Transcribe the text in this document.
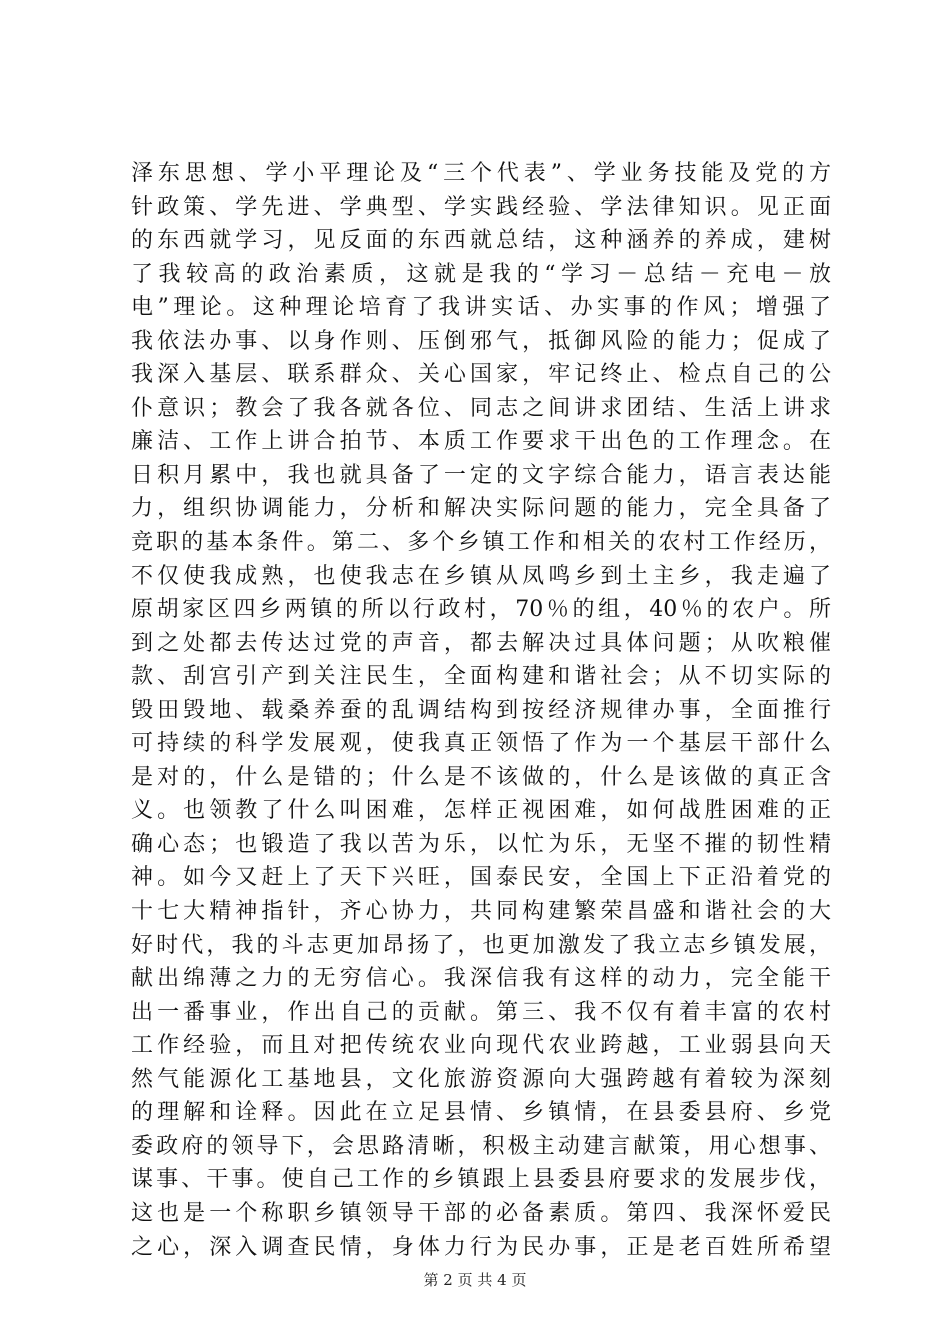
泽东思想、学小平理论及“三个代表”、学业务技能及党的方
针政策、学先进、学典型、学实践经验、学法律知识。见正面
的东西就学习，见反面的东西就总结，这种涵养的养成，建树
了我较高的政治素质，这就是我的“学习－总结－充电－放
电”理论。这种理论培育了我讲实话、办实事的作风；增强了
我依法办事、以身作则、压倒邪气，抵御风险的能力；促成了
我深入基层、联系群众、关心国家，牢记终止、检点自己的公
仆意识；教会了我各就各位、同志之间讲求团结、生活上讲求
廉洁、工作上讲合拍节、本质工作要求干出色的工作理念。在
日积月累中，我也就具备了一定的文字综合能力，语言表达能
力，组织协调能力，分析和解决实际问题的能力，完全具备了
竞职的基本条件。第二、多个乡镇工作和相关的农村工作经历，
不仅使我成熟，也使我志在乡镇从凤鸣乡到土主乡，我走遍了
原胡家区四乡两镇的所以行政村，70％的组，40％的农户。所
到之处都去传达过党的声音，都去解决过具体问题；从吹粮催
款、刮宫引产到关注民生，全面构建和谐社会；从不切实际的
毁田毁地、载桑养蚕的乱调结构到按经济规律办事，全面推行
可持续的科学发展观，使我真正领悟了作为一个基层干部什么
是对的，什么是错的；什么是不该做的，什么是该做的真正含
义。也领教了什么叫困难，怎样正视困难，如何战胜困难的正
确心态；也锻造了我以苦为乐，以忙为乐，无坚不摧的韧性精
神。如今又赶上了天下兴旺，国泰民安，全国上下正沿着党的
十七大精神指针，齐心协力，共同构建繁荣昌盛和谐社会的大
好时代，我的斗志更加昂扬了，也更加激发了我立志乡镇发展，
献出绵薄之力的无穷信心。我深信我有这样的动力，完全能干
出一番事业，作出自己的贡献。第三、我不仅有着丰富的农村
工作经验，而且对把传统农业向现代农业跨越，工业弱县向天
然气能源化工基地县，文化旅游资源向大强跨越有着较为深刻
的理解和诠释。因此在立足县情、乡镇情，在县委县府、乡党
委政府的领导下，会思路清晰，积极主动建言献策，用心想事、
谋事、干事。使自己工作的乡镇跟上县委县府要求的发展步伐，
这也是一个称职乡镇领导干部的必备素质。第四、我深怀爱民
之心，深入调查民情，身体力行为民办事，正是老百姓所希望
第 2 页 共 4 页
